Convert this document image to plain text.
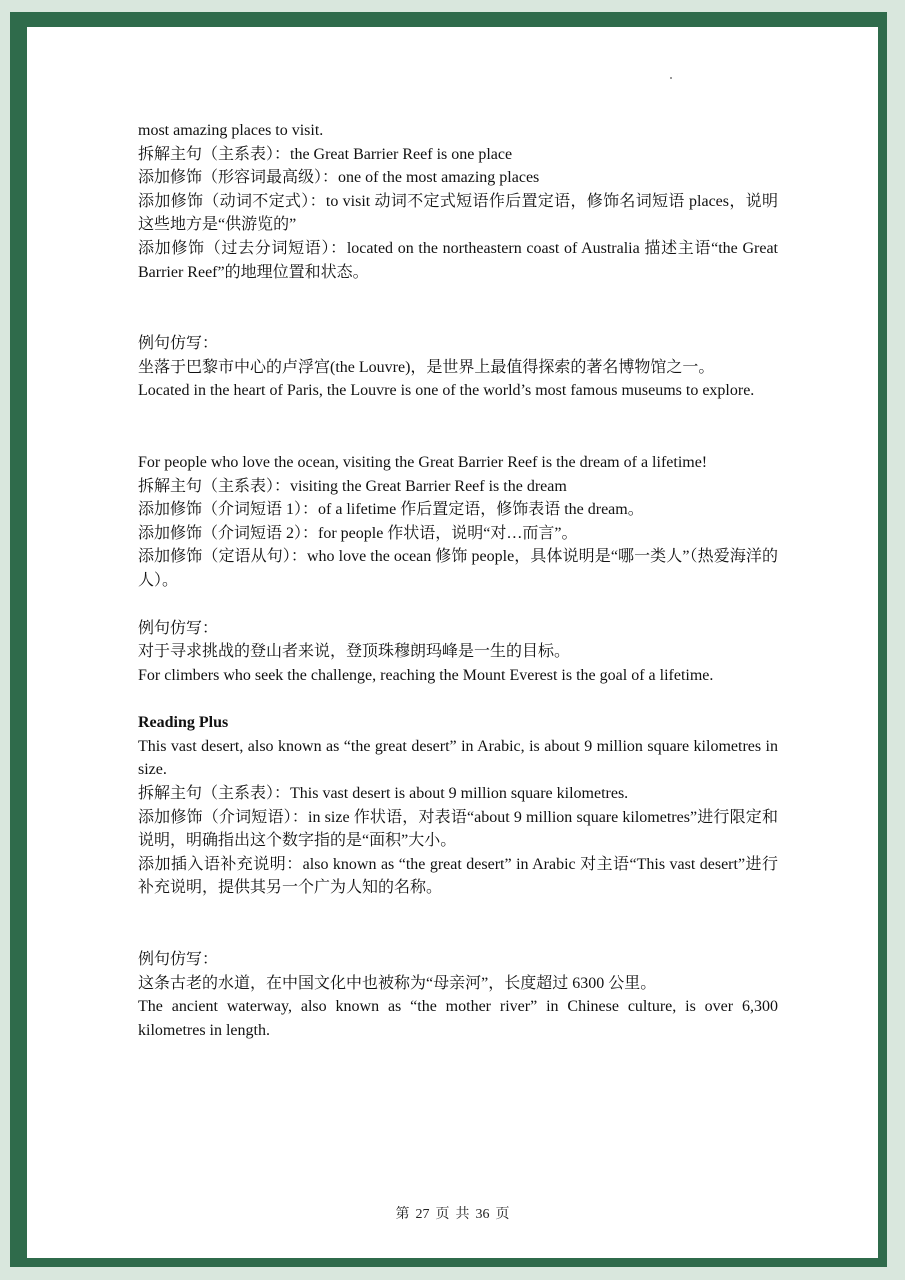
most amazing places to visit.

拆解主句（主系表）：the Great Barrier Reef is one place

添加修饰（形容词最高级）：one of the most amazing places

添加修饰（动词不定式）：to visit 动词不定式短语作后置定语，修饰名词短语 places，说明这些地方是“供游览的”

添加修饰（过去分词短语）：located on the northeastern coast of Australia 描述主语“the Great Barrier Reef”的地理位置和状态。

例句仿写：

坐落于巴黎市中心的卢浮宫(the Louvre)，是世界上最值得探索的著名博物馆之一。

Located in the heart of Paris, the Louvre is one of the world’s most famous museums to explore.

For people who love the ocean, visiting the Great Barrier Reef is the dream of a lifetime!

拆解主句（主系表）：visiting the Great Barrier Reef is the dream

添加修饰（介词短语 1）：of a lifetime 作后置定语，修饰表语 the dream。

添加修饰（介词短语 2）：for people 作状语，说明“对…而言”。

添加修饰（定语从句）：who love the ocean 修饰 people，具体说明是“哪一类人”（热爱海洋的人）。

例句仿写：

对于寻求挑战的登山者来说，登顶珠穆朗玛峰是一生的目标。

For climbers who seek the challenge, reaching the Mount Everest is the goal of a lifetime.

Reading Plus

This vast desert, also known as “the great desert” in Arabic, is about 9 million square kilometres in size.

拆解主句（主系表）：This vast desert is about 9 million square kilometres.

添加修饰（介词短语）：in size 作状语，对表语“about 9 million square kilometres”进行限定和说明，明确指出这个数字指的是“面积”大小。

添加插入语补充说明：also known as “the great desert” in Arabic 对主语“This vast desert”进行补充说明，提供其另一个广为人知的名称。

例句仿写：

这条古老的水道，在中国文化中也被称为“母亲河”，长度超过 6300 公里。

The ancient waterway, also known as “the mother river” in Chinese culture, is over 6,300 kilometres in length.

第 27 页 共 36 页
